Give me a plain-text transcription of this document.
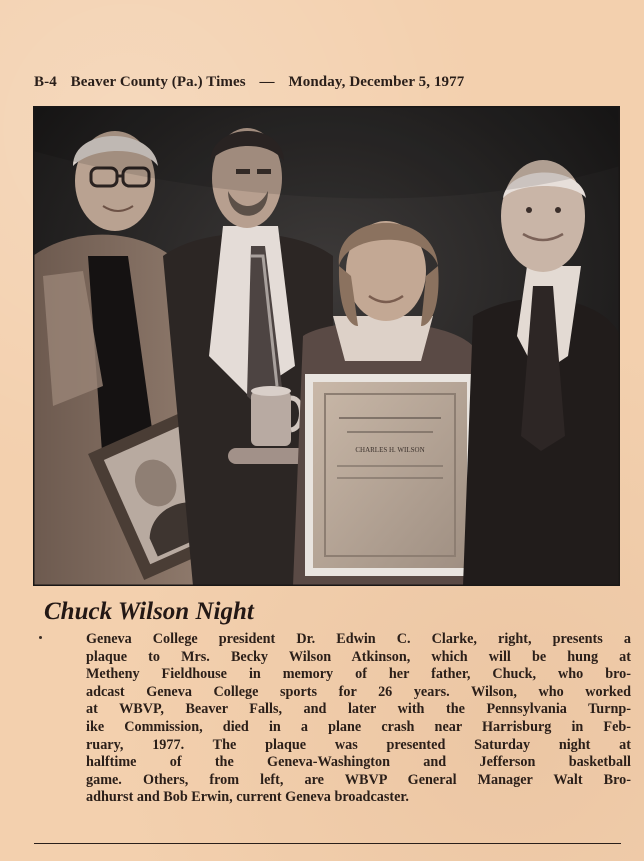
B-4 Beaver County (Pa.) Times — Monday, December 5, 1977
CHARLES H. WILSON
Chuck Wilson Night
Geneva College president Dr. Edwin C. Clarke, right, presents a
plaque to Mrs. Becky Wilson Atkinson, which will be hung at
Metheny Fieldhouse in memory of her father, Chuck, who bro-
adcast Geneva College sports for 26 years. Wilson, who worked
at WBVP, Beaver Falls, and later with the Pennsylvania Turnp-
ike Commission, died in a plane crash near Harrisburg in Feb-
ruary, 1977. The plaque was presented Saturday night at
halftime of the Geneva-Washington and Jefferson basketball
game. Others, from left, are WBVP General Manager Walt Bro-
adhurst and Bob Erwin, current Geneva broadcaster.
